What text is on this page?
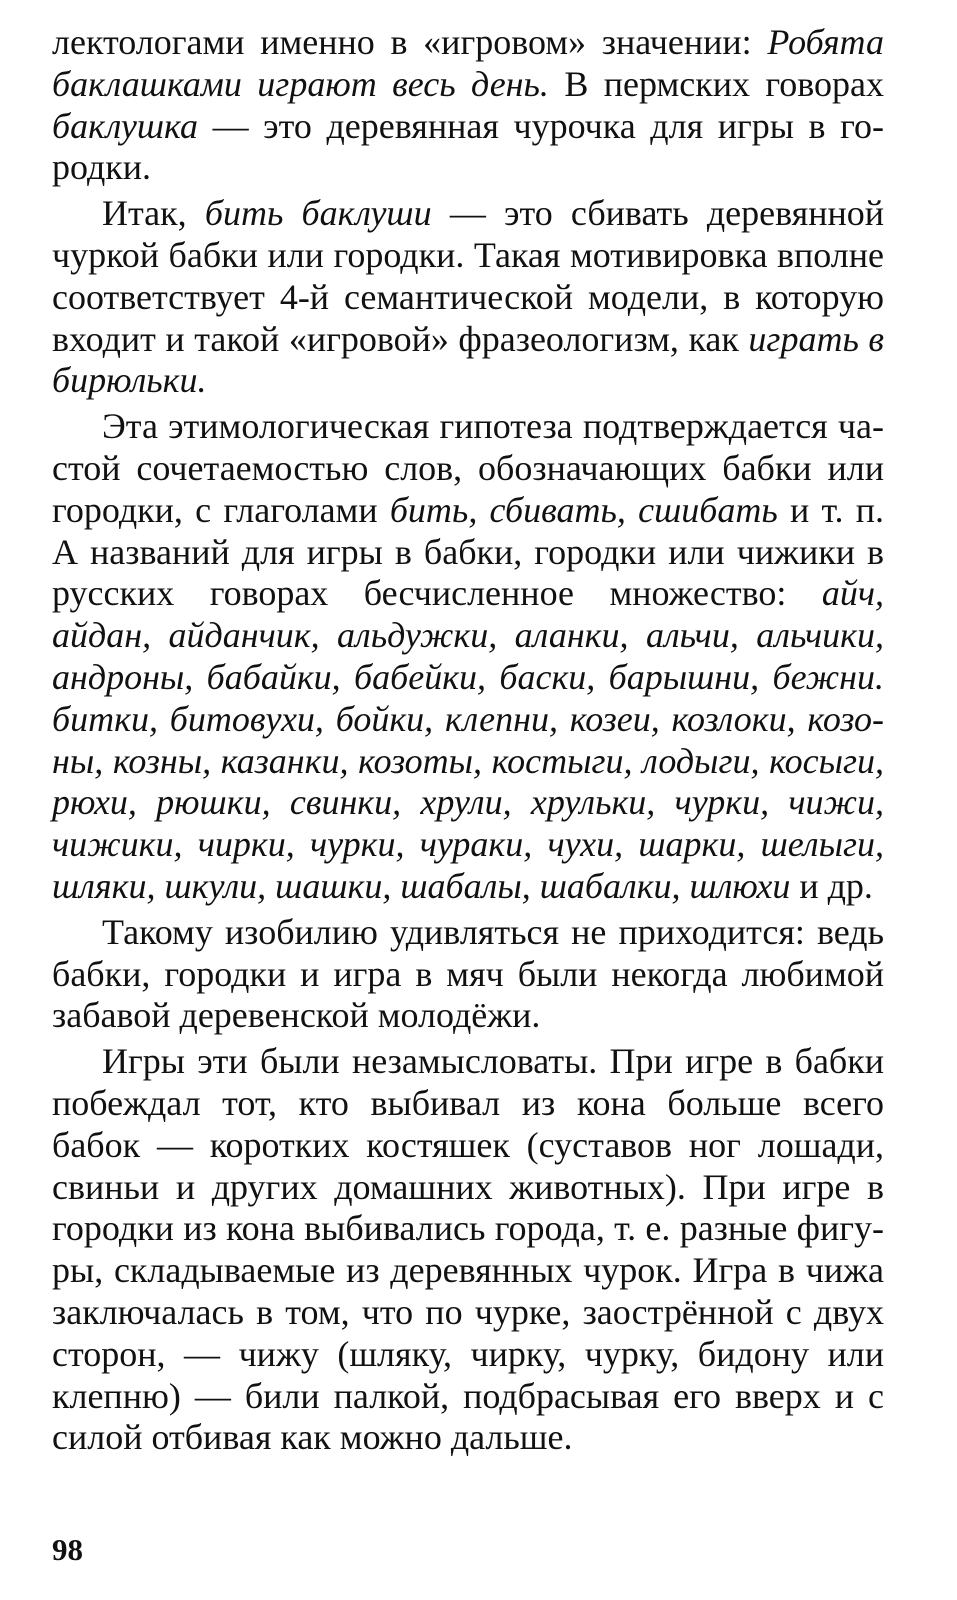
лектологами именно в «игровом» значении: Робята баклашками играют весь день. В пермских говорах баклушка — это деревянная чурочка для игры в городки.

Итак, бить баклуши — это сбивать деревянной чуркой бабки или городки. Такая мотивировка вполне соответствует 4-й семантической модели, в которую входит и такой «игровой» фразеологизм, как играть в бирюльки.

Эта этимологическая гипотеза подтверждается частой сочетаемостью слов, обозначающих бабки или городки, с глаголами бить, сбивать, сшибать и т. п. А названий для игры в бабки, городки или чижики в русских говорах бесчисленное множество: айч, айдан, айданчик, альдужки, аланки, альчи, альчики, андроны, бабайки, бабейки, баски, барышни, бежни. битки, битовухи, бойки, клепни, козеи, козлоки, козоны, козны, казанки, козоты, костыги, лодыги, косыги, рюхи, рюшки, свинки, хрули, хрульки, чурки, чижи, чижики, чирки, чурки, чураки, чухи, шарки, шелыги, шляки, шкули, шашки, шабалы, шабалки, шлюхи и др.

Такому изобилию удивляться не приходится: ведь бабки, городки и игра в мяч были некогда любимой забавой деревенской молодёжи.

Игры эти были незамысловаты. При игре в бабки побеждал тот, кто выбивал из кона больше всего бабок — коротких костяшек (суставов ног лошади, свиньи и других домашних животных). При игре в городки из кона выбивались города, т. е. разные фигуры, складываемые из деревянных чурок. Игра в чижа заключалась в том, что по чурке, заострённой с двух сторон, — чижу (шляку, чирку, чурку, бидону или клепню) — били палкой, подбрасывая его вверх и с силой отбивая как можно дальше.

98
